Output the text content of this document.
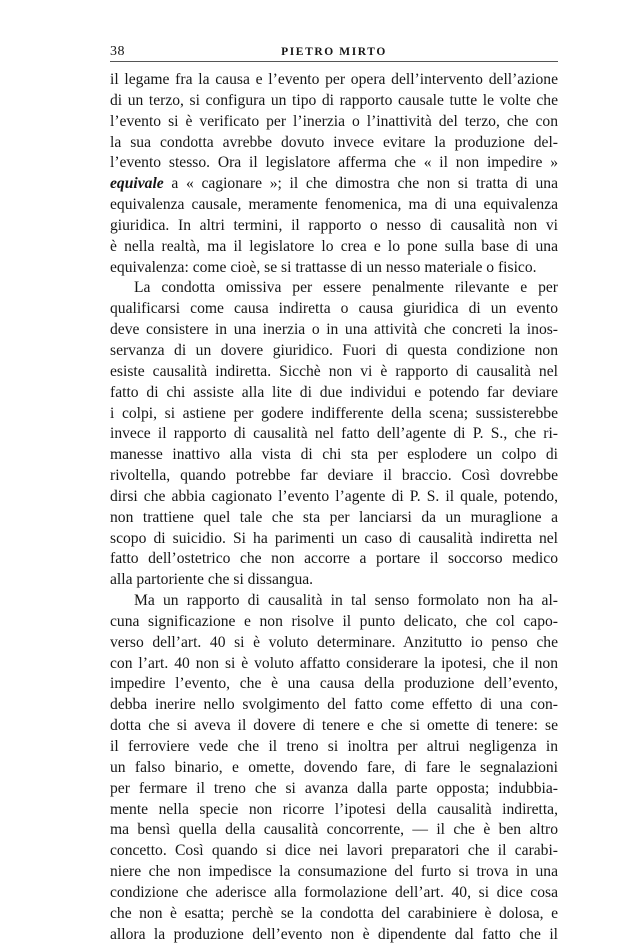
38	PIETRO MIRTO
il legame fra la causa e l’evento per opera dell’intervento dell’azione
di un terzo, si configura un tipo di rapporto causale tutte le volte che
l’evento si è verificato per l’inerzia o l’inattività del terzo, che con
la sua condotta avrebbe dovuto invece evitare la produzione del-
l’evento stesso. Ora il legislatore afferma che « il non impedire »
equivale a « cagionare »; il che dimostra che non si tratta di una
equivalenza causale, meramente fenomenica, ma di una equivalenza
giuridica. In altri termini, il rapporto o nesso di causalità non vi
è nella realtà, ma il legislatore lo crea e lo pone sulla base di una
equivalenza: come cioè, se si trattasse di un nesso materiale o fisico.
La condotta omissiva per essere penalmente rilevante e per
qualificarsi come causa indiretta o causa giuridica di un evento
deve consistere in una inerzia o in una attività che concreti la inos-
servanza di un dovere giuridico. Fuori di questa condizione non
esiste causalità indiretta. Sicchè non vi è rapporto di causalità nel
fatto di chi assiste alla lite di due individui e potendo far deviare
i colpi, si astiene per godere indifferente della scena; sussisterebbe
invece il rapporto di causalità nel fatto dell’agente di P. S., che ri-
manesse inattivo alla vista di chi sta per esplodere un colpo di
rivoltella, quando potrebbe far deviare il braccio. Così dovrebbe
dirsi che abbia cagionato l’evento l’agente di P. S. il quale, potendo,
non trattiene quel tale che sta per lanciarsi da un muraglione a
scopo di suicidio. Si ha parimenti un caso di causalità indiretta nel
fatto dell’ostetrico che non accorre a portare il soccorso medico
alla partoriente che si dissangua.
Ma un rapporto di causalità in tal senso formolato non ha al-
cuna significazione e non risolve il punto delicato, che col capo-
verso dell’art. 40 si è voluto determinare. Anzitutto io penso che
con l’art. 40 non si è voluto affatto considerare la ipotesi, che il non
impedire l’evento, che è una causa della produzione dell’evento,
debba inerire nello svolgimento del fatto come effetto di una con-
dotta che si aveva il dovere di tenere e che si omette di tenere: se
il ferroviere vede che il treno si inoltra per altrui negligenza in
un falso binario, e omette, dovendo fare, di fare le segnalazioni
per fermare il treno che si avanza dalla parte opposta; indubbia-
mente nella specie non ricorre l’ipotesi della causalità indiretta,
ma bensì quella della causalità concorrente, — il che è ben altro
concetto. Così quando si dice nei lavori preparatori che il carabi-
niere che non impedisce la consumazione del furto si trova in una
condizione che aderisce alla formolazione dell’art. 40, si dice cosa
che non è esatta; perchè se la condotta del carabiniere è dolosa, e
allora la produzione dell’evento non è dipendente dal fatto che il
